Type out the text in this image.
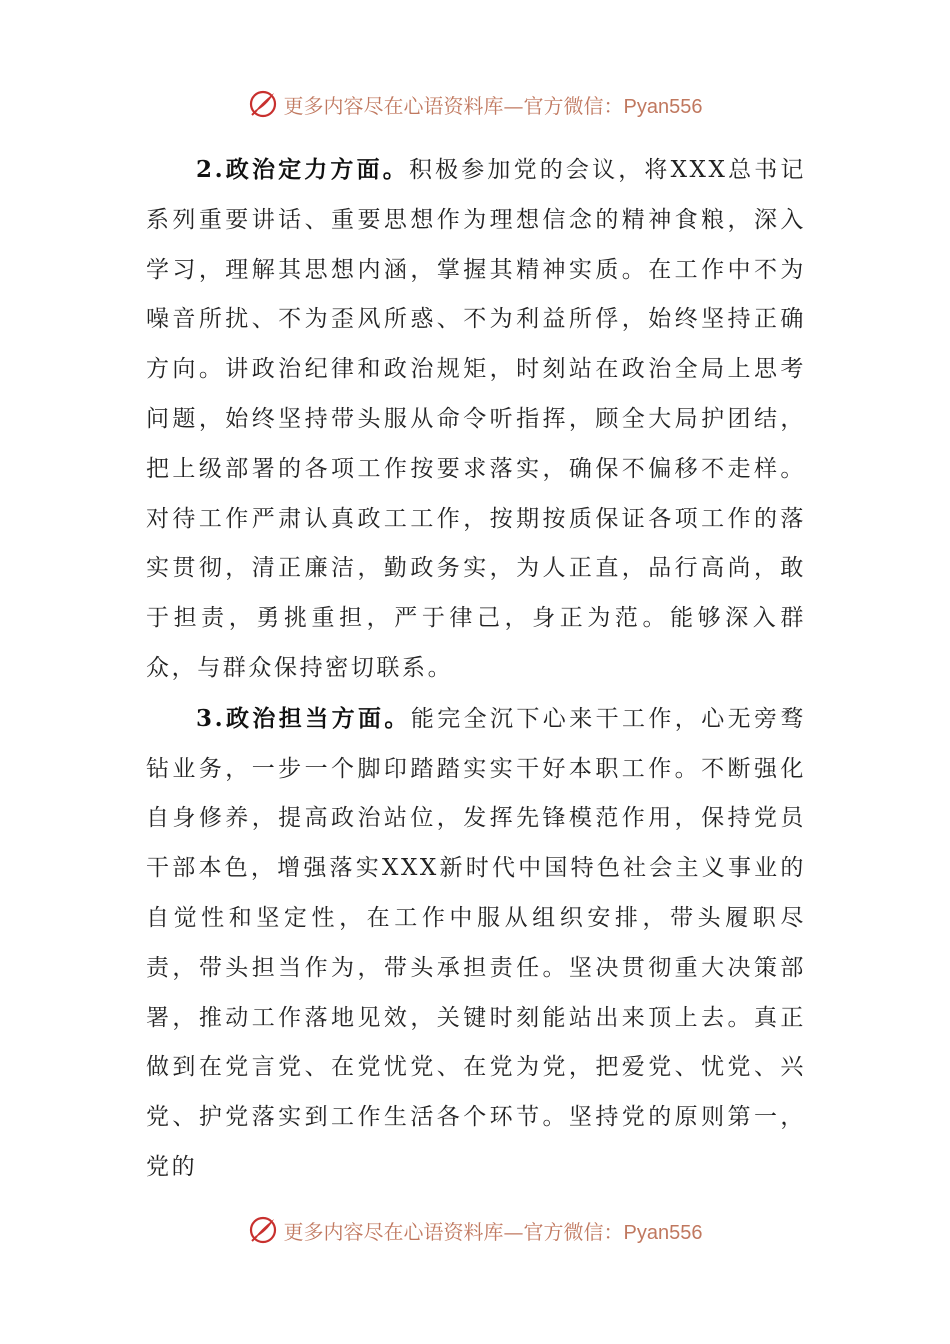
更多内容尽在心语资料库—官方微信：Pyan556

2.政治定力方面。积极参加党的会议，将XXX总书记系列重要讲话、重要思想作为理想信念的精神食粮，深入学习，理解其思想内涵，掌握其精神实质。在工作中不为噪音所扰、不为歪风所惑、不为利益所俘，始终坚持正确方向。讲政治纪律和政治规矩，时刻站在政治全局上思考问题，始终坚持带头服从命令听指挥，顾全大局护团结，把上级部署的各项工作按要求落实，确保不偏移不走样。对待工作严肃认真政工工作，按期按质保证各项工作的落实贯彻，清正廉洁，勤政务实，为人正直，品行高尚，敢于担责，勇挑重担，严于律己，身正为范。能够深入群众，与群众保持密切联系。

3.政治担当方面。能完全沉下心来干工作，心无旁骛钻业务，一步一个脚印踏踏实实干好本职工作。不断强化自身修养，提高政治站位，发挥先锋模范作用，保持党员干部本色，增强落实XXX新时代中国特色社会主义事业的自觉性和坚定性，在工作中服从组织安排，带头履职尽责，带头担当作为，带头承担责任。坚决贯彻重大决策部署，推动工作落地见效，关键时刻能站出来顶上去。真正做到在党言党、在党忧党、在党为党，把爱党、忧党、兴党、护党落实到工作生活各个环节。坚持党的原则第一，党的

更多内容尽在心语资料库—官方微信：Pyan556
